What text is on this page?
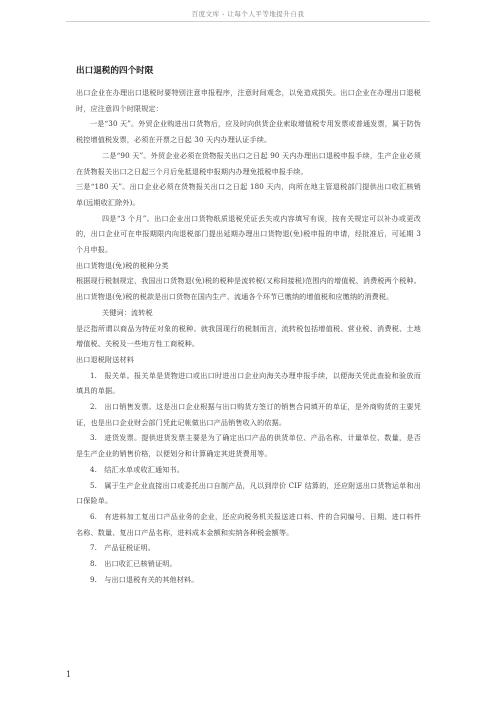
百度文库 - 让每个人平等地提升自我
出口退税的四个时限

出口企业在办理出口退税时要特别注意申报程序，注意时间观念，以免造成损失。出口企业在办理出口退税时，应注意四个时限规定：

一是“30 天”。外贸企业购进出口货物后，应及时向供货企业索取增值税专用发票或普通发票，属于防伪税控增值税发票，必须在开票之日起 30 天内办理认证手续。

二是“90 天”。外贸企业必须在货物报关出口之日起 90 天内办理出口退税申报手续，生产企业必须在货物报关出口之日起三个月后免抵退税申报期内办理免抵税申报手续。

三是“180 天”。出口企业必须在货物报关出口之日起 180 天内，向所在地主管退税部门提供出口收汇核销单(远期收汇除外)。

四是“3 个月”。出口企业出口货物纸质退税凭证丢失或内容填写有误，按有关规定可以补办或更改的，出口企业可在申报期限内向退税部门提出延期办理出口货物退(免)税申报的申请，经批准后，可延期 3 个月申报。

出口货物退(免)税的税种分类

根据现行税制规定，我国出口货物退(免)税的税种是流转税(又称间接税)范围内的增值税、消费税两个税种。

出口货物退(免)税的税款是出口货物在国内生产、流通各个环节已缴纳的增值税和应缴纳的消费税。

关键词：流转税

是泛指所谓以商品为特征对象的税种。就我国现行的税制而言，流转税包括增值税、营业税、消费税、土地增值税、关税及一些地方性工商税种。

出口退税附送材料

1.　报关单。报关单是货物进口或出口时进出口企业向海关办理申报手续，以便海关凭此查验和验放而填具的单据。

2.　出口销售发票。这是出口企业根据与出口购货方签订的销售合同填开的单证，是外商购货的主要凭证，也是出口企业财会部门凭此记帐做出口产品销售收入的依据。

3.　进货发票。提供进货发票主要是为了确定出口产品的供货单位、产品名称、计量单位、数量，是否是生产企业的销售价格，以便划分和计算确定其进货费用等。

4.　结汇水单或收汇通知书。

5.　属于生产企业直接出口或委托出口自制产品，凡以到岸价 CIF 结算的，还应附送出口货物运单和出口保险单。

6.　有进料加工复出口产品业务的企业，还应向税务机关报送进口料、件的合同编号、日期、进口料件名称、数量、复出口产品名称，进料成本金额和实纳各种税金额等。

7.　产品征税证明。

8.　出口收汇已核销证明。

9.　与出口退税有关的其他材料。

1
